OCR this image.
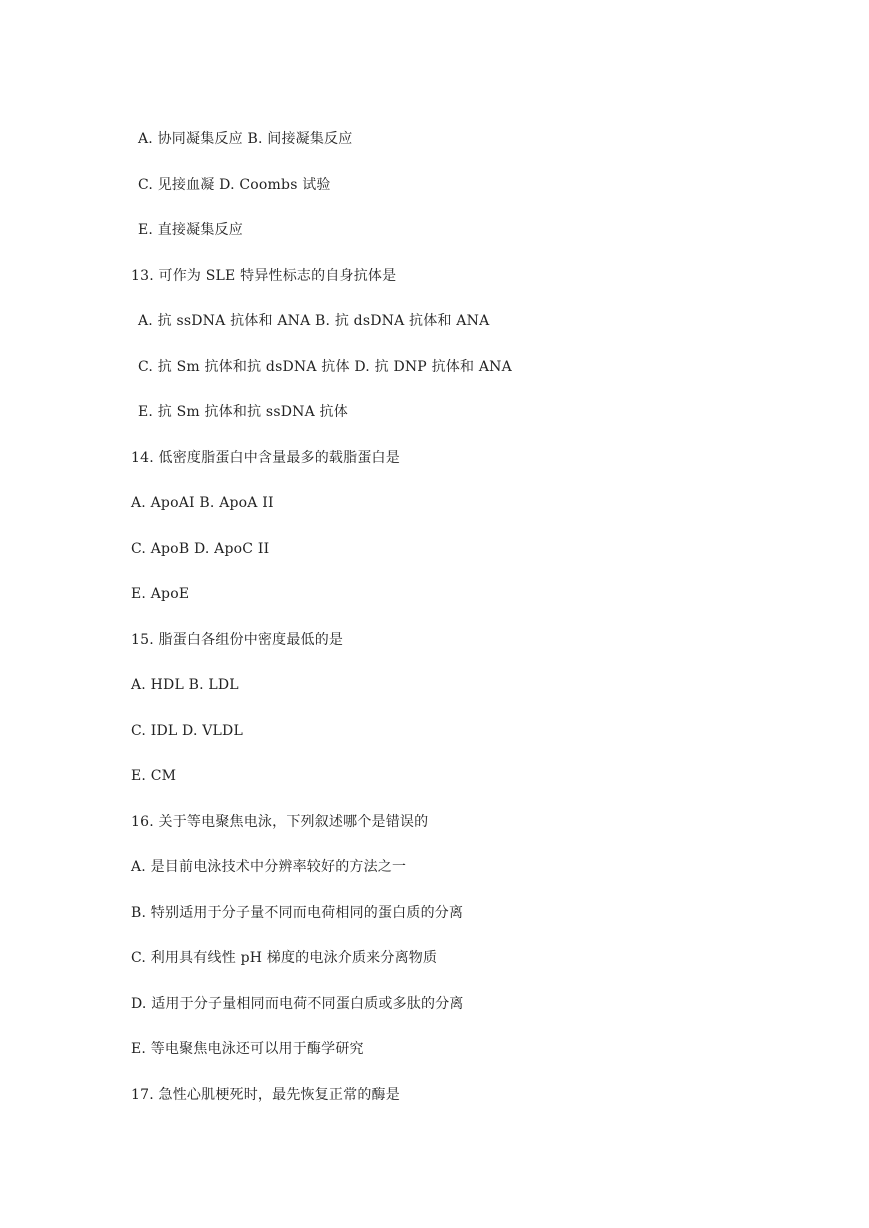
A. 协同凝集反应 B. 间接凝集反应
C. 见接血凝 D. Coombs 试验
E. 直接凝集反应
13. 可作为 SLE 特异性标志的自身抗体是
A. 抗 ssDNA 抗体和 ANA B. 抗 dsDNA 抗体和 ANA
C. 抗 Sm 抗体和抗 dsDNA 抗体 D. 抗 DNP 抗体和 ANA
E. 抗 Sm 抗体和抗 ssDNA 抗体
14. 低密度脂蛋白中含量最多的载脂蛋白是
A. ApoAI B. ApoA II
C. ApoB D. ApoC II
E. ApoE
15. 脂蛋白各组份中密度最低的是
A. HDL B. LDL
C. IDL D. VLDL
E. CM
16. 关于等电聚焦电泳，下列叙述哪个是错误的
A. 是目前电泳技术中分辨率较好的方法之一
B. 特别适用于分子量不同而电荷相同的蛋白质的分离
C. 利用具有线性 pH 梯度的电泳介质来分离物质
D. 适用于分子量相同而电荷不同蛋白质或多肽的分离
E. 等电聚焦电泳还可以用于酶学研究
17. 急性心肌梗死时，最先恢复正常的酶是
